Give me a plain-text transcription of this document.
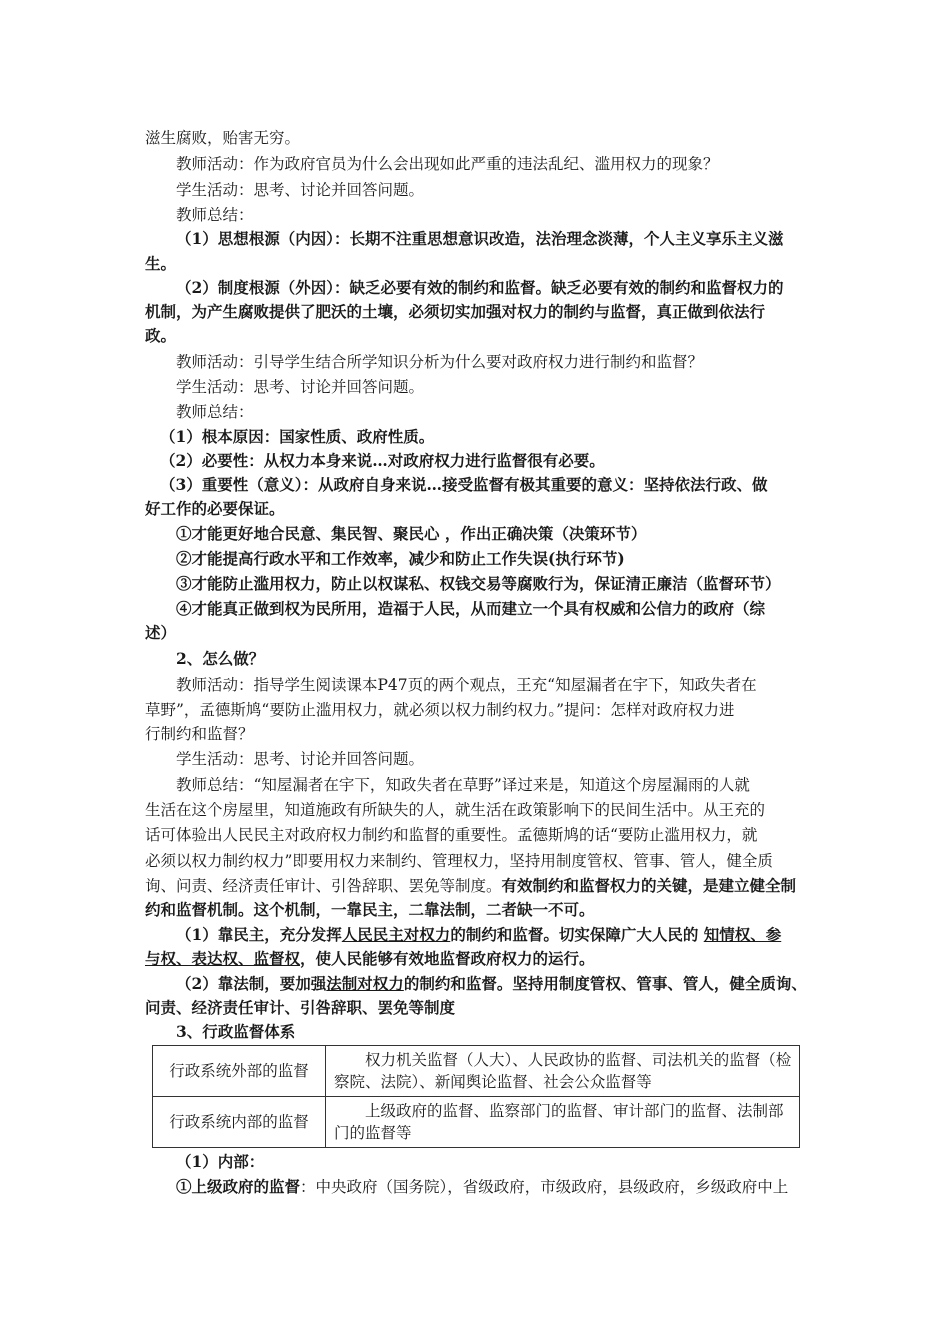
滋生腐败，贻害无穷。
教师活动：作为政府官员为什么会出现如此严重的违法乱纪、滥用权力的现象？
学生活动：思考、讨论并回答问题。
教师总结：
（1）思想根源（内因）：长期不注重思想意识改造，法治理念淡薄，个人主义享乐主义滋
生。
（2）制度根源（外因）：缺乏必要有效的制约和监督。缺乏必要有效的制约和监督权力的
机制，为产生腐败提供了肥沃的土壤，必须切实加强对权力的制约与监督，真正做到依法行
政。
教师活动：引导学生结合所学知识分析为什么要对政府权力进行制约和监督？
学生活动：思考、讨论并回答问题。
教师总结：
（1）根本原因：国家性质、政府性质。
（2）必要性：从权力本身来说…对政府权力进行监督很有必要。
（3）重要性（意义）：从政府自身来说…接受监督有极其重要的意义：坚持依法行政、做
好工作的必要保证。
①才能更好地合民意、集民智、聚民心 ，作出正确决策（决策环节）
②才能提高行政水平和工作效率，减少和防止工作失误(执行环节)
③才能防止滥用权力，防止以权谋私、权钱交易等腐败行为，保证清正廉洁（监督环节）
④才能真正做到权为民所用，造福于人民，从而建立一个具有权威和公信力的政府（综
述）
2、怎么做？
教师活动：指导学生阅读课本P47页的两个观点，王充“知屋漏者在宇下，知政失者在
草野”，孟德斯鸠“要防止滥用权力，就必须以权力制约权力。”提问：怎样对政府权力进
行制约和监督？
学生活动：思考、讨论并回答问题。
教师总结：“知屋漏者在宇下，知政失者在草野”译过来是，知道这个房屋漏雨的人就
生活在这个房屋里，知道施政有所缺失的人，就生活在政策影响下的民间生活中。从王充的
话可体验出人民民主对政府权力制约和监督的重要性。孟德斯鸠的话“要防止滥用权力，就
必须以权力制约权力”即要用权力来制约、管理权力，坚持用制度管权、管事、管人，健全质
询、问责、经济责任审计、引咎辞职、罢免等制度。有效制约和监督权力的关键，是建立健全制
约和监督机制。这个机制，一靠民主，二靠法制，二者缺一不可。
（1）靠民主，充分发挥人民民主对权力的制约和监督。切实保障广大人民的 知情权、参
与权、表达权、监督权，使人民能够有效地监督政府权力的运行。
（2）靠法制，要加强法制对权力的制约和监督。坚持用制度管权、管事、管人，健全质询、
问责、经济责任审计、引咎辞职、罢免等制度
3、行政监督体系
行政系统外部的监督	权力机关监督（人大）、人民政协的监督、司法机关的监督（检察院、法院）、新闻舆论监督、社会公众监督等
行政系统内部的监督	上级政府的监督、监察部门的监督、审计部门的监督、法制部门的监督等
（1）内部：
①上级政府的监督：中央政府（国务院），省级政府，市级政府，县级政府，乡级政府中上
